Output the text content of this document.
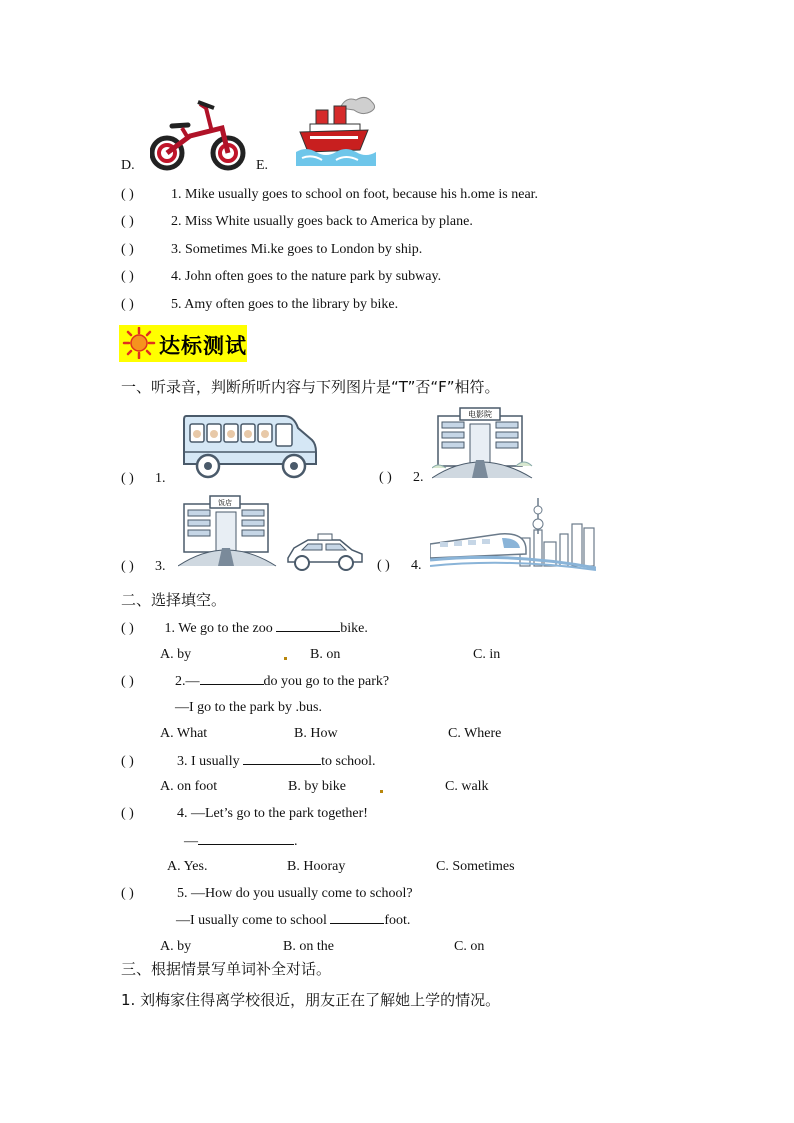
D.	E.
( )	1. Mike usually goes to school on foot, because his h.ome is near.
( )	2. Miss White usually goes back to America by plane.
( )	3. Sometimes Mi.ke goes to London by ship.
( )	4. John often goes to the nature park by subway.
( )	5. Amy often goes to the library by bike.
达标测试
一、听录音，判断所听内容与下列图片是“T”否“F”相符。
( ) 1.
电影院
( ) 2.
饭店
( ) 3.	( ) 4.
二、选择填空。
( ) 1. We go to the zoo	bike.
A. by	B. on	C. in
( )	2.—	do you go to the park?
—I go to the park by .bus.
A. What	B. How	C. Where
( )	3. I usually	to school.
A. on foot	B. by bike	C. walk
( )	4. —Let’s go to the park together!
—	.
A. Yes.	B. Hooray	C. Sometimes
( )	5. —How do you usually come to school?
—I usually come to school	foot.
A. by	B. on the	C. on
三、根据情景写单词补全对话。
1. 刘梅家住得离学校很近，朋友正在了解她上学的情况。
